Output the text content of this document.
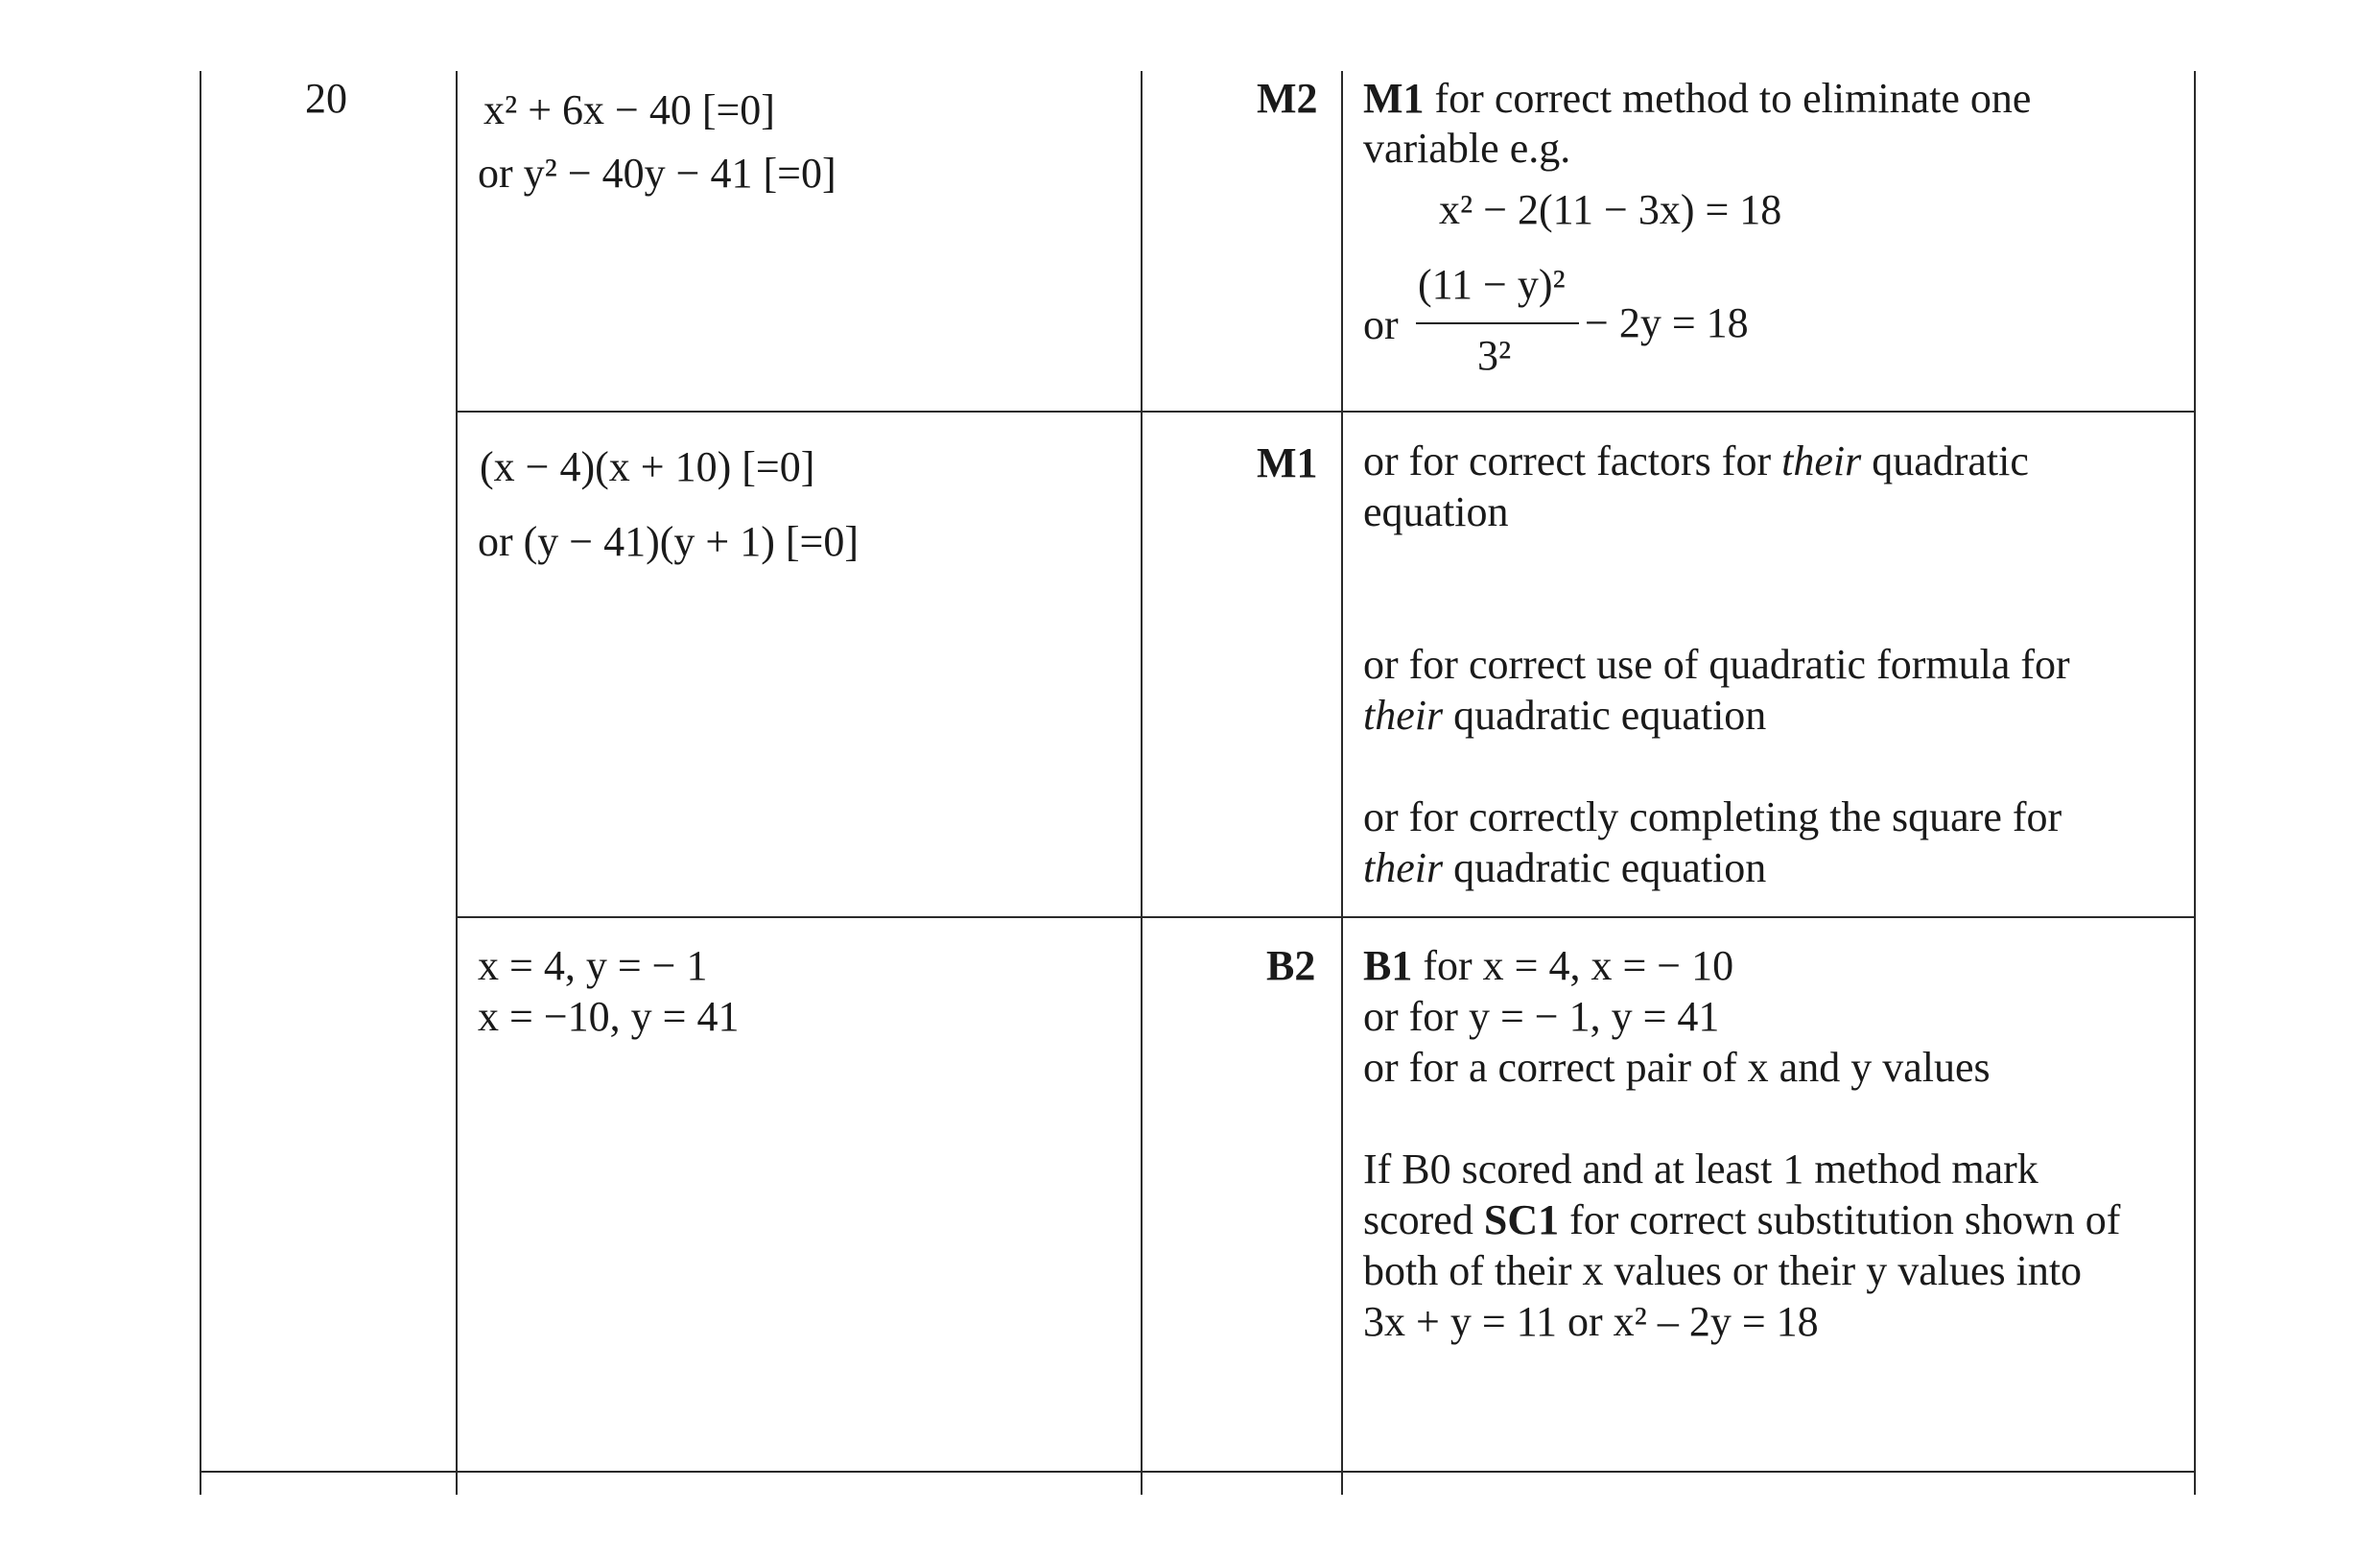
20	x² + 6x − 40 [=0]
or y² − 40y − 41 [=0]
M2 M1 for correct method to eliminate one
variable e.g.
x² − 2(11 − 3x) = 18
or
(11 − y)²
3²
− 2y = 18
(x − 4)(x + 10) [=0]
or (y − 41)(y + 1) [=0]
M1 or for correct factors for their quadratic
equation
or for correct use of quadratic formula for
their quadratic equation
or for correctly completing the square for
their quadratic equation
x = 4, y = − 1
x = −10, y = 41
B2 B1 for x = 4, x = − 10
or for y = − 1, y = 41
or for a correct pair of x and y values
If B0 scored and at least 1 method mark
scored SC1 for correct substitution shown of
both of their x values or their y values into
3x + y = 11 or x² – 2y = 18
